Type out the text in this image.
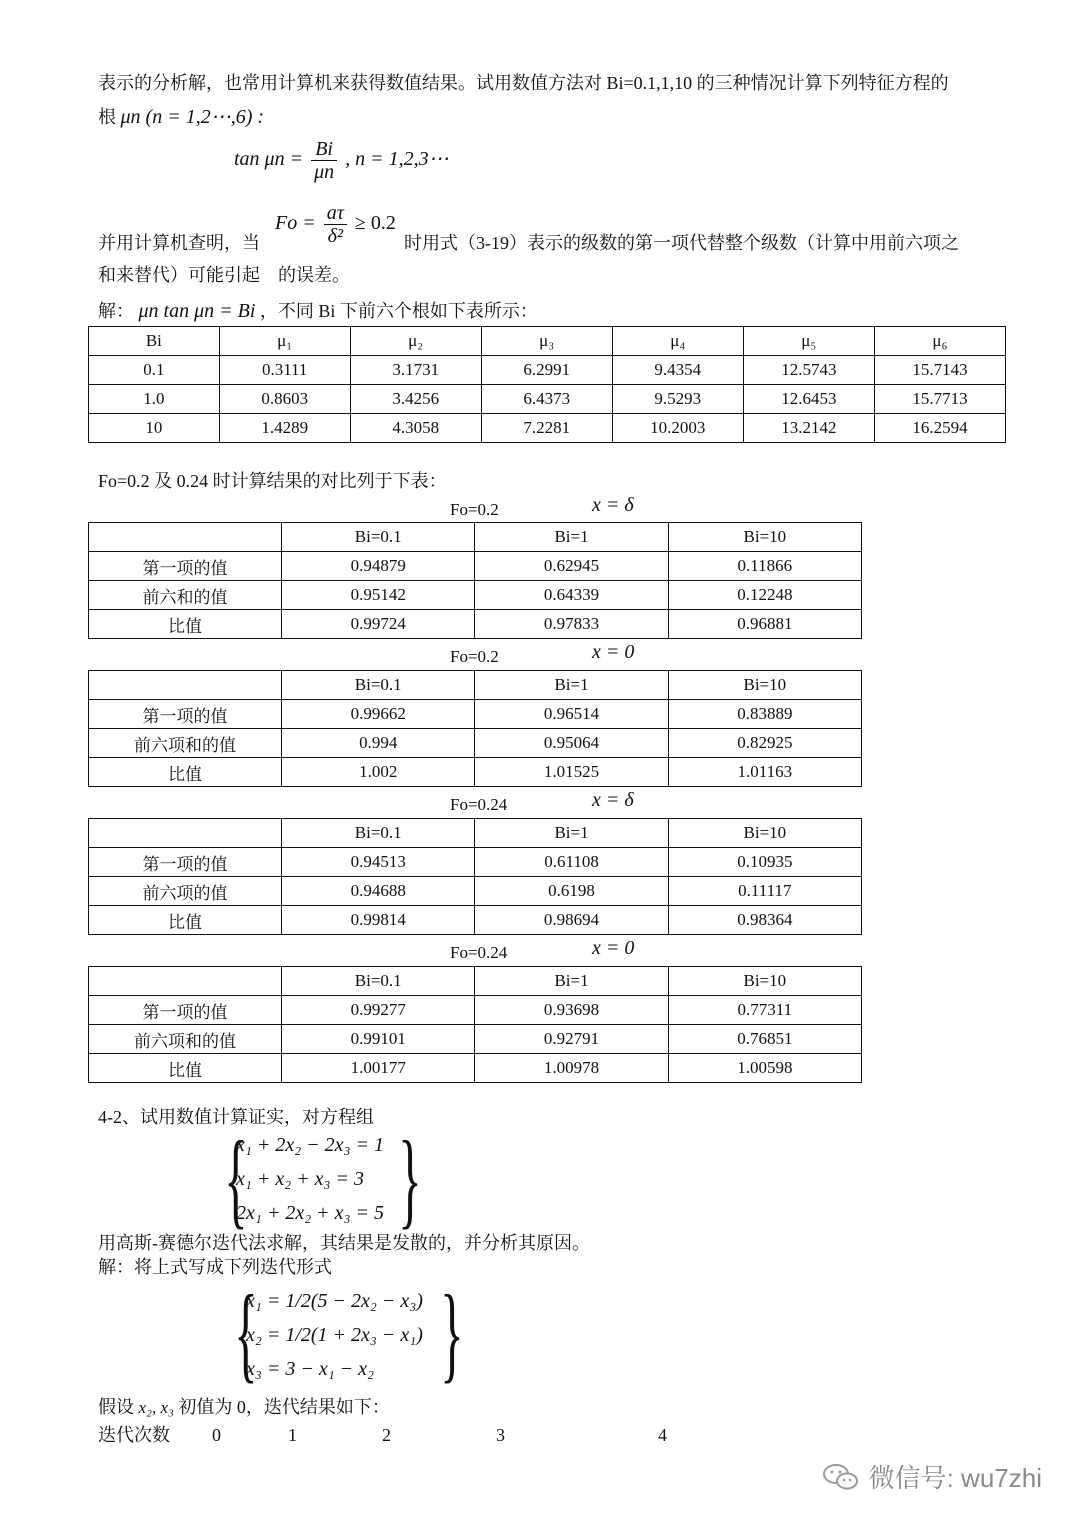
表示的分析解，也常用计算机来获得数值结果。试用数值方法对 Bi=0.1,1,10 的三种情况计算下列特征方程的
根 μn (n = 1,2⋯,6) :
$\tan \mu n = \frac{Bi}{\mu n}$ , n = 1,2,3⋯
并用计算机查明，当
$Fo = \frac{a\tau}{\text{δ²}} \ge 0.2$
时用式（3-19）表示的级数的第一项代替整个级数（计算中用前六项之
和来替代）可能引起　的误差。
解： μn tan μn = Bi ，不同 Bi 下前六个根如下表所示：
Bi	μ₁	μ₂	μ₃	μ₄	μ₅	μ₆
0.1	0.3111	3.1731	6.2991	9.4354	12.5743	15.7143
1.0	0.8603	3.4256	6.4373	9.5293	12.6453	15.7713
10	1.4289	4.3058	7.2281	10.2003	13.2142	16.2594
Fo=0.2 及 0.24 时计算结果的对比列于下表：
Fo=0.2	x = δ
	Bi=0.1	Bi=1	Bi=10
第一项的值	0.94879	0.62945	0.11866
前六和的值	0.95142	0.64339	0.12248
比值	0.99724	0.97833	0.96881
Fo=0.2	x = 0
	Bi=0.1	Bi=1	Bi=10
第一项的值	0.99662	0.96514	0.83889
前六项和的值	0.994	0.95064	0.82925
比值	1.002	1.01525	1.01163
Fo=0.24	x = δ
	Bi=0.1	Bi=1	Bi=10
第一项的值	0.94513	0.61108	0.10935
前六项的值	0.94688	0.6198	0.11117
比值	0.99814	0.98694	0.98364
Fo=0.24	x = 0
	Bi=0.1	Bi=1	Bi=10
第一项的值	0.99277	0.93698	0.77311
前六项和的值	0.99101	0.92791	0.76851
比值	1.00177	1.00978	1.00598
4-2、试用数值计算证实，对方程组
{
x₁ + 2x₂ − 2x₃ = 1
x₁ + x₂ + x₃ = 3
2x₁ + 2x₂ + x₃ = 5 }
用高斯-赛德尔迭代法求解，其结果是发散的，并分析其原因。
解：将上式写成下列迭代形式
{
x₁ = 1/2(5 − 2x₂ − x₃)
x₂ = 1/2(1 + 2x₃ − x₁)
x₃ = 3 − x₁ − x₂ }
假设 x₂, x₃ 初值为 0，迭代结果如下：
迭代次数 0	1	2	3	4
微信号: wu7zhi
